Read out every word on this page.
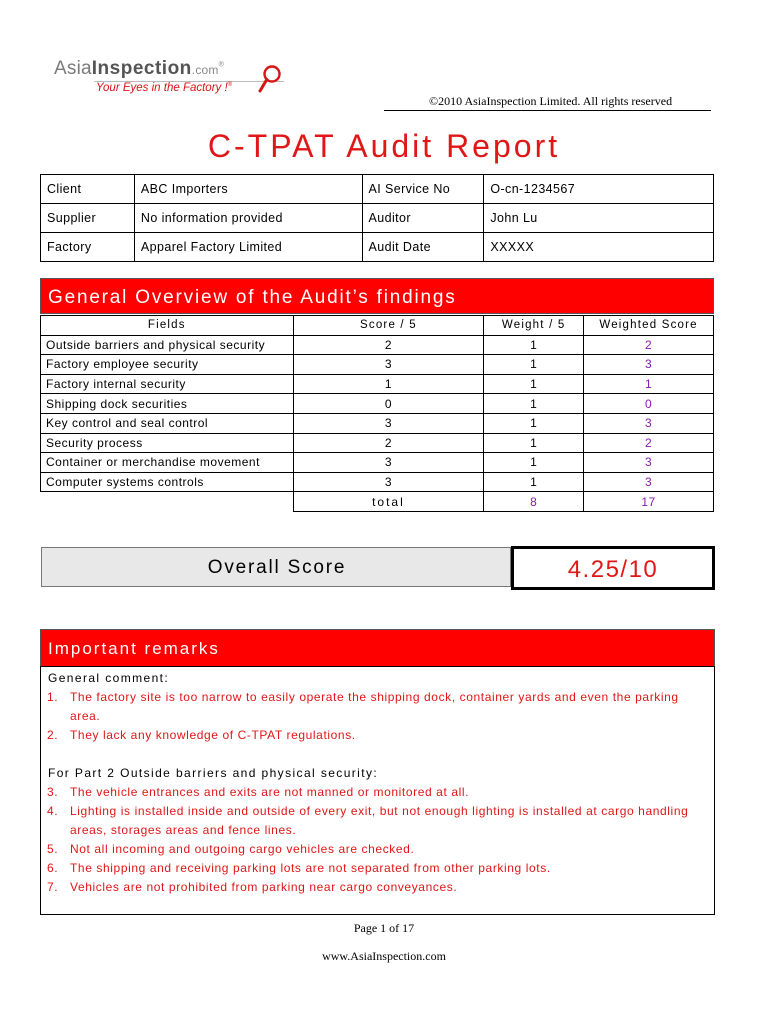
AsiaInspection.com®
Your Eyes in the Factory !®
©2010 AsiaInspection Limited. All rights reserved
C-TPAT Audit Report
Client	ABC Importers	AI Service No	O-cn-1234567
Supplier	No information provided	Auditor	John Lu
Factory	Apparel Factory Limited	Audit Date	XXXXX
General Overview of the Audit’s findings
Fields	Score / 5	Weight / 5	Weighted Score
Outside barriers and physical security	2	1	2
Factory employee security	3	1	3
Factory internal security	1	1	1
Shipping dock securities	0	1	0
Key control and seal control	3	1	3
Security process	2	1	2
Container or merchandise movement	3	1	3
Computer systems controls	3	1	3
	total	8	17
Overall Score	4.25/10
Important remarks
General comment:
1. The factory site is too narrow to easily operate the shipping dock, container yards and even the parking area.
2. They lack any knowledge of C-TPAT regulations.
For Part 2 Outside barriers and physical security:
3. The vehicle entrances and exits are not manned or monitored at all.
4. Lighting is installed inside and outside of every exit, but not enough lighting is installed at cargo handling areas, storages areas and fence lines.
5. Not all incoming and outgoing cargo vehicles are checked.
6. The shipping and receiving parking lots are not separated from other parking lots.
7. Vehicles are not prohibited from parking near cargo conveyances.
Page 1 of 17
www.AsiaInspection.com
